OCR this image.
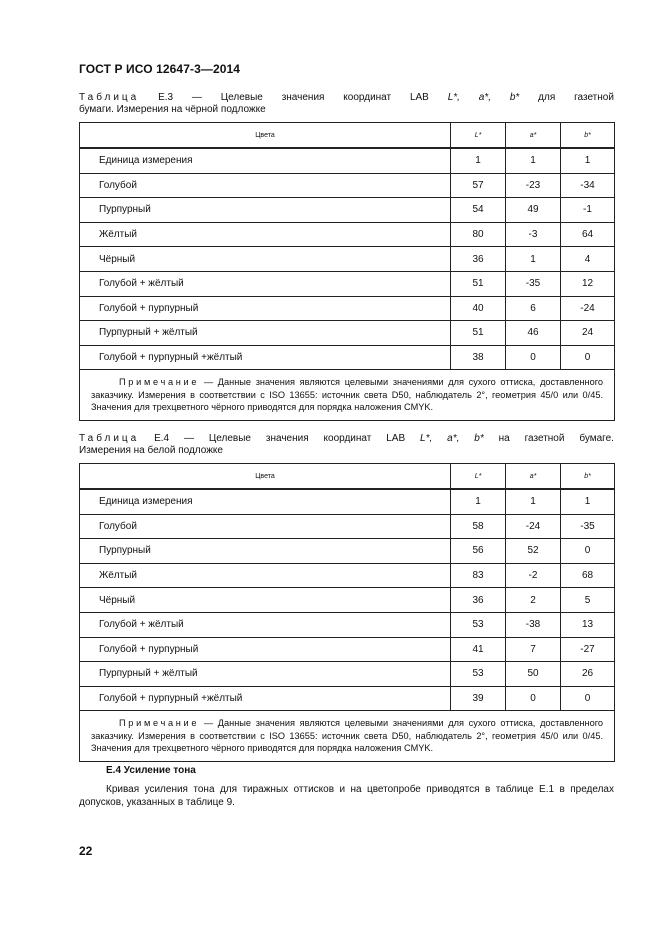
ГОСТ Р ИСО 12647-3—2014
Таблица Е.3 — Целевые значения координат LAB L*, a*, b* для газетной
бумаги. Измерения на чёрной подложке
Цвета	L*	a*	b*
Единица измерения	1	1	1
Голубой	57	-23	-34
Пурпурный	54	49	-1
Жёлтый	80	-3	64
Чёрный	36	1	4
Голубой + жёлтый	51	-35	12
Голубой + пурпурный	40	6	-24
Пурпурный + жёлтый	51	46	24
Голубой + пурпурный +жёлтый	38	0	0
Примечание — Данные значения являются целевыми значениями для сухого оттиска, доставленного заказчику. Измерения в соответствии с ISO 13655: источник света D50, наблюдатель 2°, геометрия 45/0 или 0/45. Значения для трехцветного чёрного приводятся для порядка наложения CMYK.			
Таблица Е.4 — Целевые значения координат LAB L*, a*, b* на газетной бумаге.
Измерения на белой подложке
Цвета	L*	a*	b*
Единица измерения	1	1	1
Голубой	58	-24	-35
Пурпурный	56	52	0
Жёлтый	83	-2	68
Чёрный	36	2	5
Голубой + жёлтый	53	-38	13
Голубой + пурпурный	41	7	-27
Пурпурный + жёлтый	53	50	26
Голубой + пурпурный +жёлтый	39	0	0
Примечание — Данные значения являются целевыми значениями для сухого оттиска, доставленного заказчику. Измерения в соответствии с ISO 13655: источник света D50, наблюдатель 2°, геометрия 45/0 или 0/45. Значения для трехцветного чёрного приводятся для порядка наложения CMYK.			
Е.4 Усиление тона
Кривая усиления тона для тиражных оттисков и на цветопробе приводятся в таблице Е.1 в пределах допусков, указанных в таблице 9.
22
